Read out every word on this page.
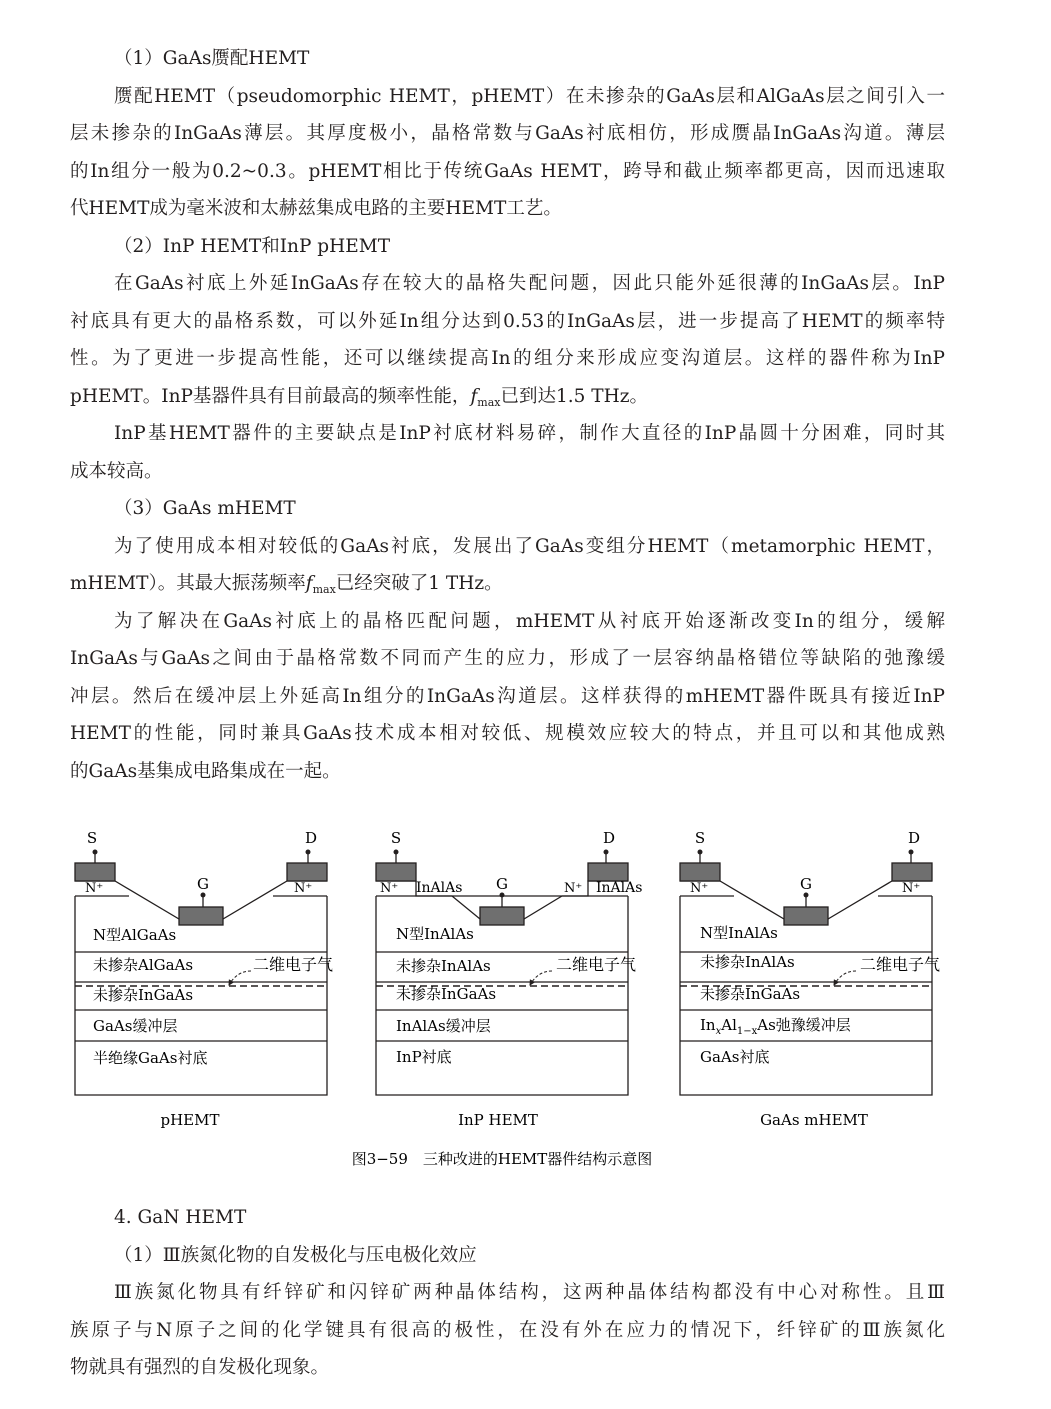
（1）GaAs赝配HEMT
赝配HEMT（pseudomorphic HEMT，pHEMT）在未掺杂的GaAs层和AlGaAs层之间引入一
层未掺杂的InGaAs薄层。其厚度极小，晶格常数与GaAs衬底相仿，形成赝晶InGaAs沟道。薄层
的In组分一般为0.2~0.3。pHEMT相比于传统GaAs HEMT，跨导和截止频率都更高，因而迅速取
代HEMT成为毫米波和太赫兹集成电路的主要HEMT工艺。
（2）InP HEMT和InP pHEMT
在GaAs衬底上外延InGaAs存在较大的晶格失配问题，因此只能外延很薄的InGaAs层。InP
衬底具有更大的晶格系数，可以外延In组分达到0.53的InGaAs层，进一步提高了HEMT的频率特
性。为了更进一步提高性能，还可以继续提高In的组分来形成应变沟道层。这样的器件称为InP
pHEMT。InP基器件具有目前最高的频率性能，$f_{max}$已到达1.5 THz。
InP基HEMT器件的主要缺点是InP衬底材料易碎，制作大直径的InP晶圆十分困难，同时其
成本较高。
（3）GaAs mHEMT
为了使用成本相对较低的GaAs衬底，发展出了GaAs变组分HEMT（metamorphic HEMT，
mHEMT）。其最大振荡频率$f_{max}$已经突破了1 THz。
为了解决在GaAs衬底上的晶格匹配问题，mHEMT从衬底开始逐渐改变In的组分，缓解
InGaAs与GaAs之间由于晶格常数不同而产生的应力，形成了一层容纳晶格错位等缺陷的弛豫缓
冲层。然后在缓冲层上外延高In组分的InGaAs沟道层。这样获得的mHEMT器件既具有接近InP
HEMT的性能，同时兼具GaAs技术成本相对较低、规模效应较大的特点，并且可以和其他成熟
的GaAs基集成电路集成在一起。
S	D
G
N⁺	N⁺
N型AlGaAs
未掺杂AlGaAs
未掺杂InGaAs
GaAs缓冲层
半绝缘GaAs衬底
二维电子气
pHEMT
S	D
G
N⁺ InAlAs	N⁺ InAlAs
N型InAlAs
未掺杂InAlAs
未掺杂InGaAs
InAlAs缓冲层
InP衬底
二维电子气
InP HEMT
S	D
G
N⁺	N⁺
N型InAlAs
未掺杂InAlAs
未掺杂InGaAs
$In_xAl_{1-x}As$弛豫缓冲层
GaAs衬底
二维电子气
GaAs mHEMT
图3−59　三种改进的HEMT器件结构示意图
4. GaN HEMT
（1）Ⅲ族氮化物的自发极化与压电极化效应
Ⅲ族氮化物具有纤锌矿和闪锌矿两种晶体结构，这两种晶体结构都没有中心对称性。且Ⅲ
族原子与N原子之间的化学键具有很高的极性，在没有外在应力的情况下，纤锌矿的Ⅲ族氮化
物就具有强烈的自发极化现象。
